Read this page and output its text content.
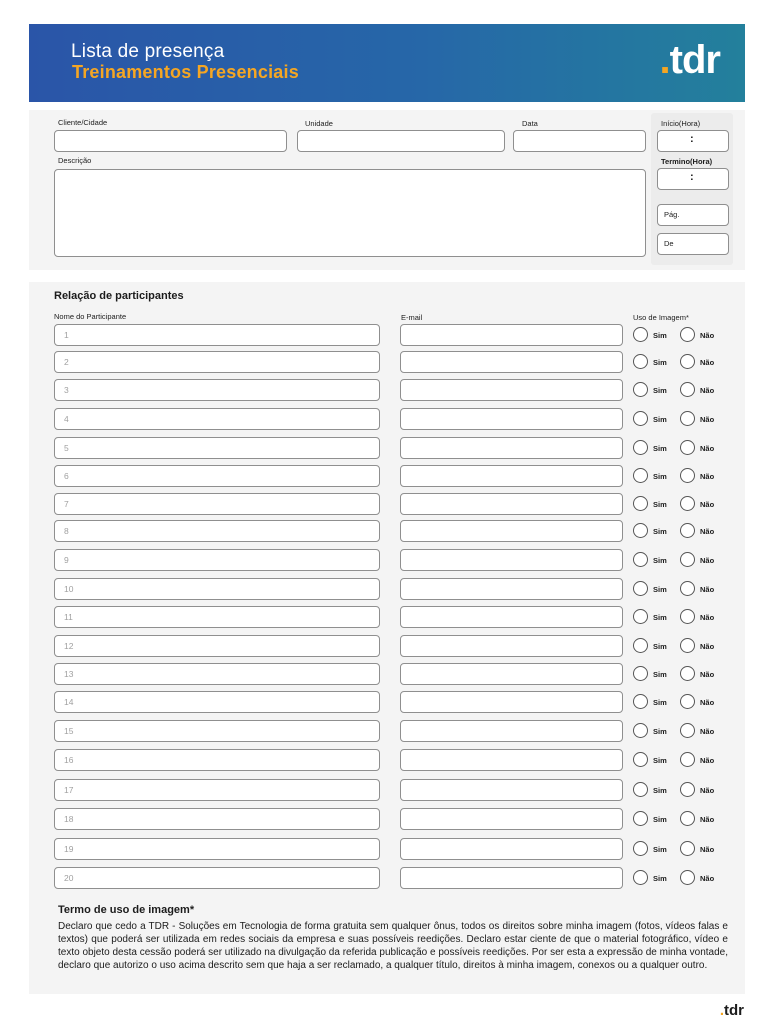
Lista de presença
Treinamentos Presenciais	.tdr
Cliente/Cidade	Unidade	Data	Início(Hora)
:
Termino(Hora)
:
Descrição
Pág.
De
Relação de participantes
Nome do Participante	E-mail	Uso de Imagem*
1	Sim	Não
2	Sim	Não
3	Sim	Não
4	Sim	Não
5	Sim	Não
6	Sim	Não
7	Sim	Não
8	Sim	Não
9	Sim	Não
10	Sim	Não
11	Sim	Não
12	Sim	Não
13	Sim	Não
14	Sim	Não
15	Sim	Não
16	Sim	Não
17	Sim	Não
18	Sim	Não
19	Sim	Não
20	Sim	Não
Termo de uso de imagem*
Declaro que cedo a TDR - Soluções em Tecnologia de forma gratuita sem qualquer ônus, todos os direitos sobre minha imagem (fotos, vídeos falas e textos) que poderá ser utilizada em redes sociais da empresa e suas possíveis reedições. Declaro estar ciente de que o material fotográfico, vídeo e texto objeto desta cessão poderá ser utilizado na divulgação da referida publicação e possíveis reedições. Por ser esta a expressão de minha vontade, declaro que autorizo o uso acima descrito sem que haja a ser reclamado, a qualquer título, direitos à minha imagem, conexos ou a qualquer outro.
.tdr
